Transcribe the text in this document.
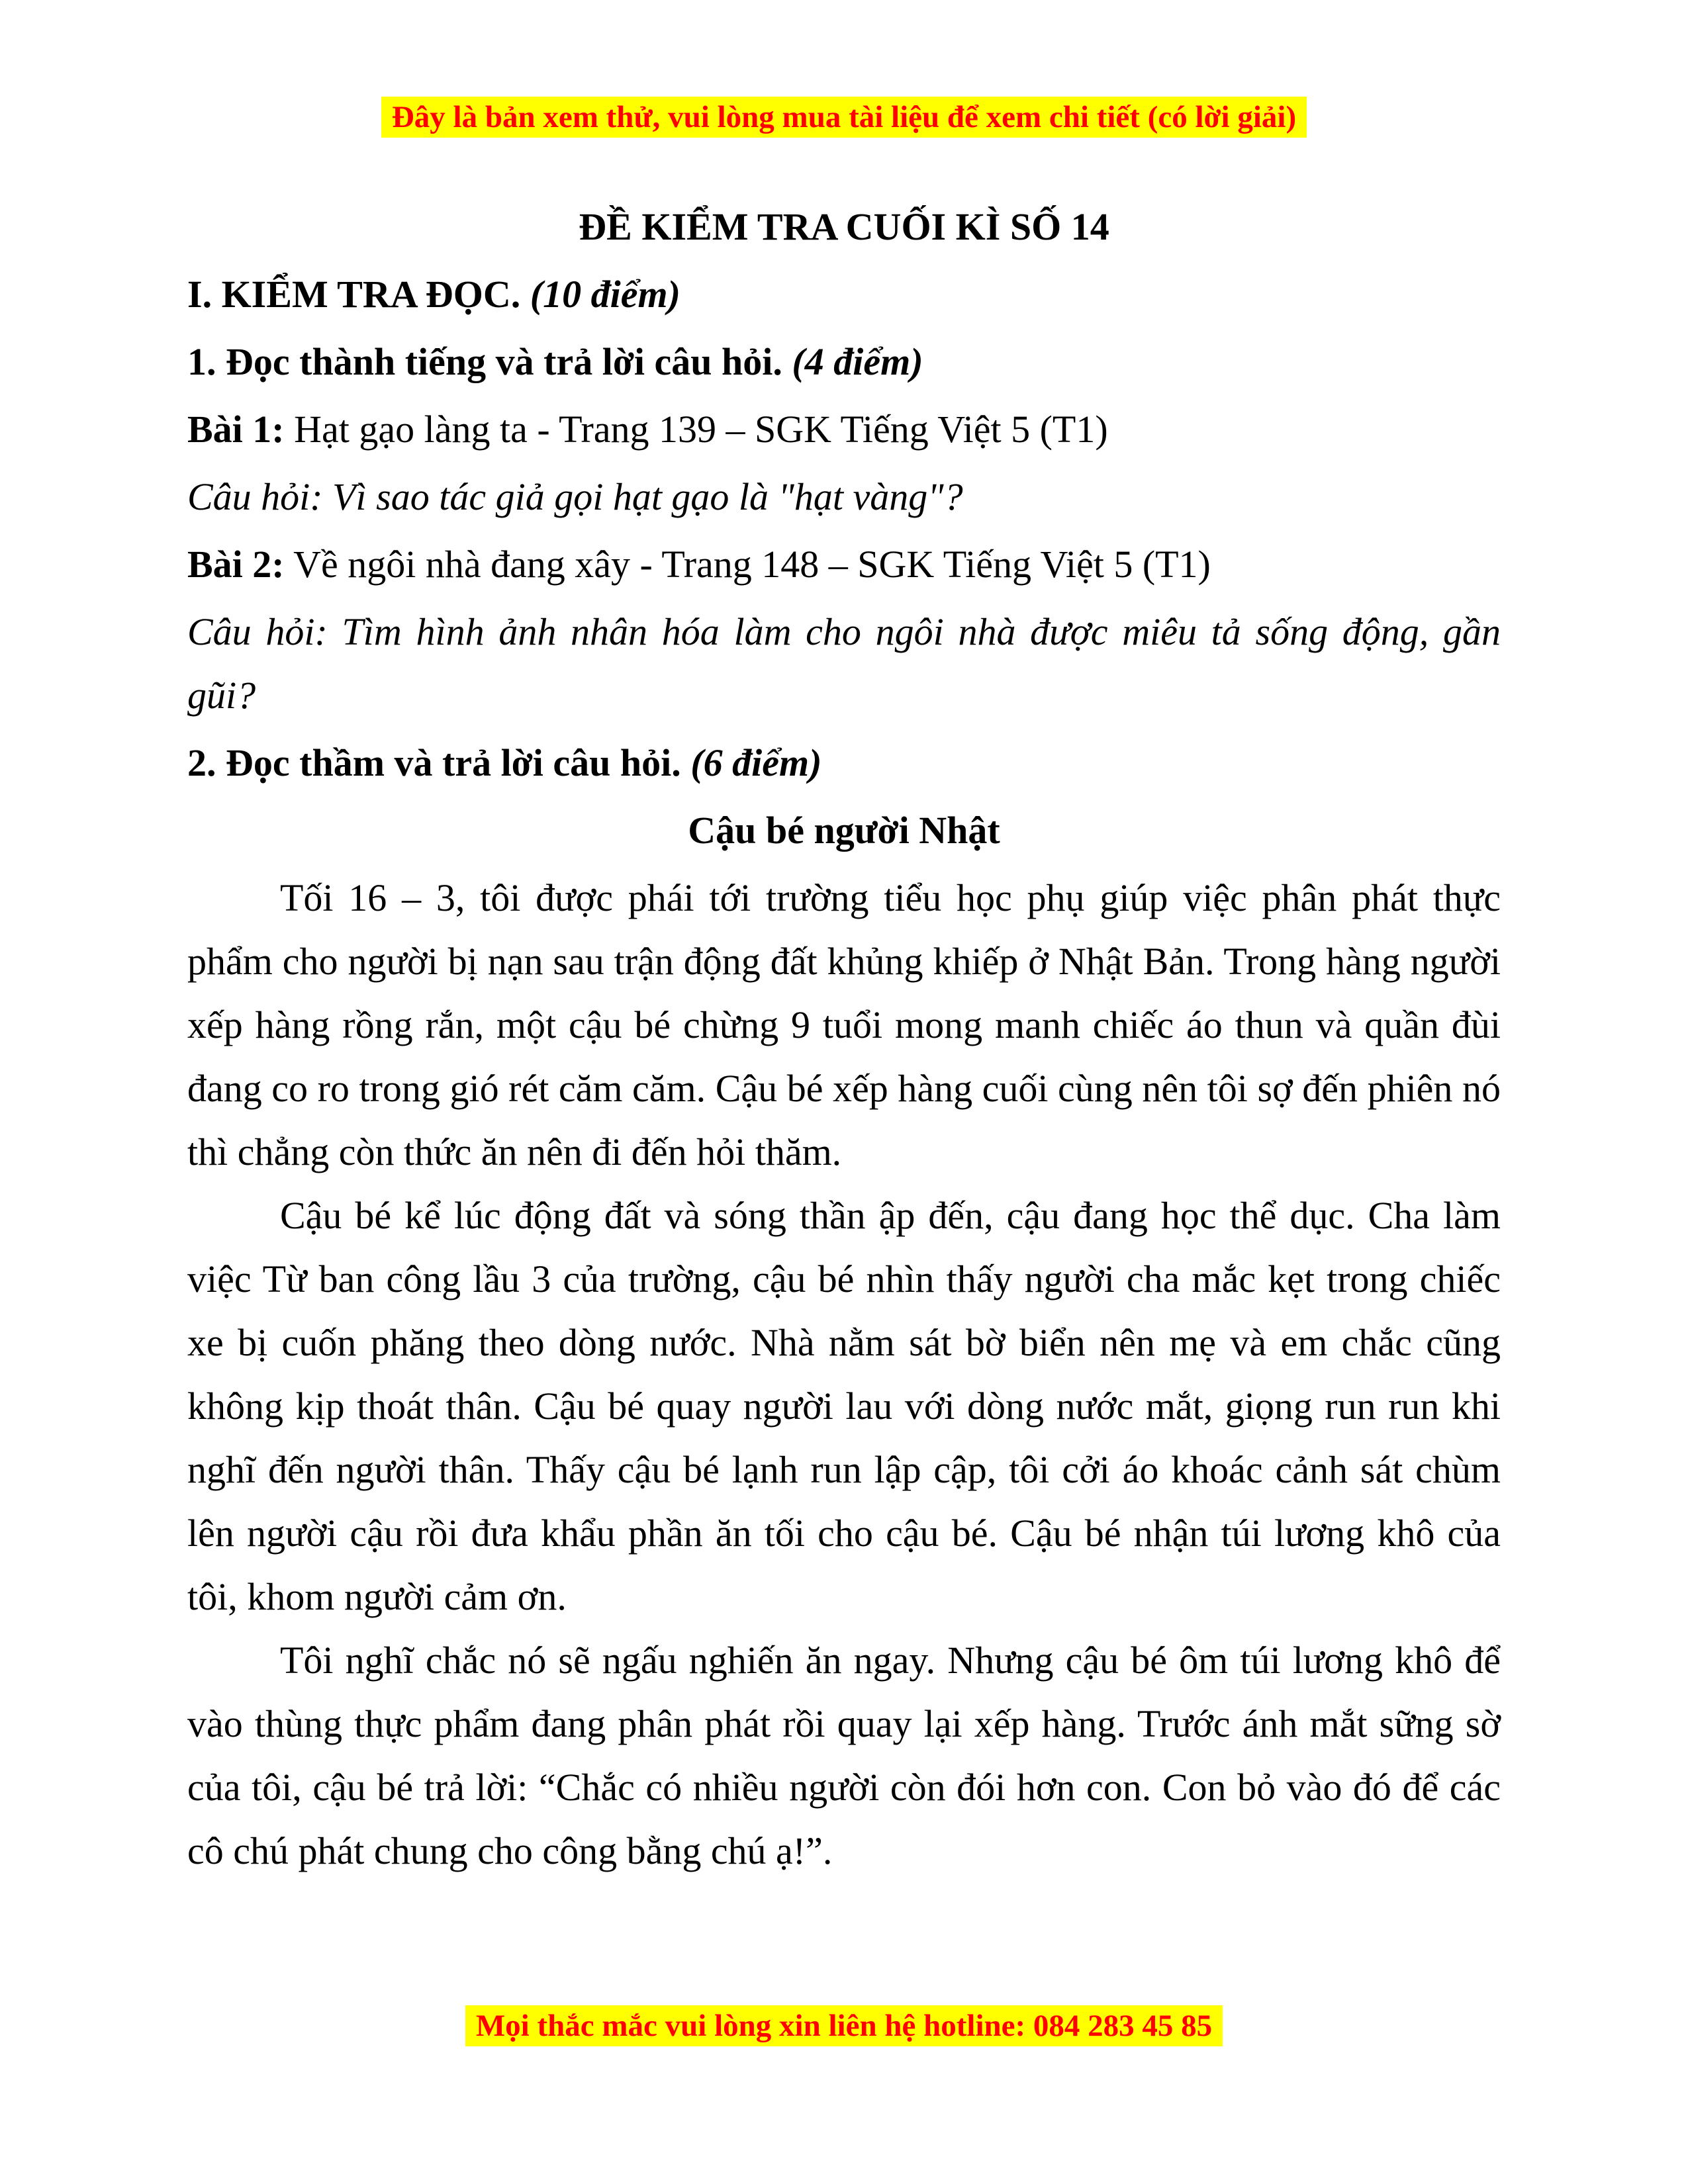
Đây là bản xem thử, vui lòng mua tài liệu để xem chi tiết (có lời giải)

ĐỀ KIỂM TRA CUỐI KÌ SỐ 14

I. KIỂM TRA ĐỌC. (10 điểm)

1. Đọc thành tiếng và trả lời câu hỏi. (4 điểm)

Bài 1: Hạt gạo làng ta - Trang 139 – SGK Tiếng Việt 5 (T1)

Câu hỏi: Vì sao tác giả gọi hạt gạo là "hạt vàng"?

Bài 2: Về ngôi nhà đang xây - Trang 148 – SGK Tiếng Việt 5 (T1)

Câu hỏi: Tìm hình ảnh nhân hóa làm cho ngôi nhà được miêu tả sống động, gần gũi?

2. Đọc thầm và trả lời câu hỏi. (6 điểm)

Cậu bé người Nhật

Tối 16 – 3, tôi được phái tới trường tiểu học phụ giúp việc phân phát thực phẩm cho người bị nạn sau trận động đất khủng khiếp ở Nhật Bản. Trong hàng người xếp hàng rồng rắn, một cậu bé chừng 9 tuổi mong manh chiếc áo thun và quần đùi đang co ro trong gió rét căm căm. Cậu bé xếp hàng cuối cùng nên tôi sợ đến phiên nó thì chẳng còn thức ăn nên đi đến hỏi thăm.

Cậu bé kể lúc động đất và sóng thần ập đến, cậu đang học thể dục. Cha làm việc Từ ban công lầu 3 của trường, cậu bé nhìn thấy người cha mắc kẹt trong chiếc xe bị cuốn phăng theo dòng nước. Nhà nằm sát bờ biển nên mẹ và em chắc cũng không kịp thoát thân. Cậu bé quay người lau với dòng nước mắt, giọng run run khi nghĩ đến người thân. Thấy cậu bé lạnh run lập cập, tôi cởi áo khoác cảnh sát chùm lên người cậu rồi đưa khẩu phần ăn tối cho cậu bé. Cậu bé nhận túi lương khô của tôi, khom người cảm ơn.

Tôi nghĩ chắc nó sẽ ngấu nghiến ăn ngay. Nhưng cậu bé ôm túi lương khô để vào thùng thực phẩm đang phân phát rồi quay lại xếp hàng. Trước ánh mắt sững sờ của tôi, cậu bé trả lời: “Chắc có nhiều người còn đói hơn con. Con bỏ vào đó để các cô chú phát chung cho công bằng chú ạ!”.

Mọi thắc mắc vui lòng xin liên hệ hotline: 084 283 45 85
